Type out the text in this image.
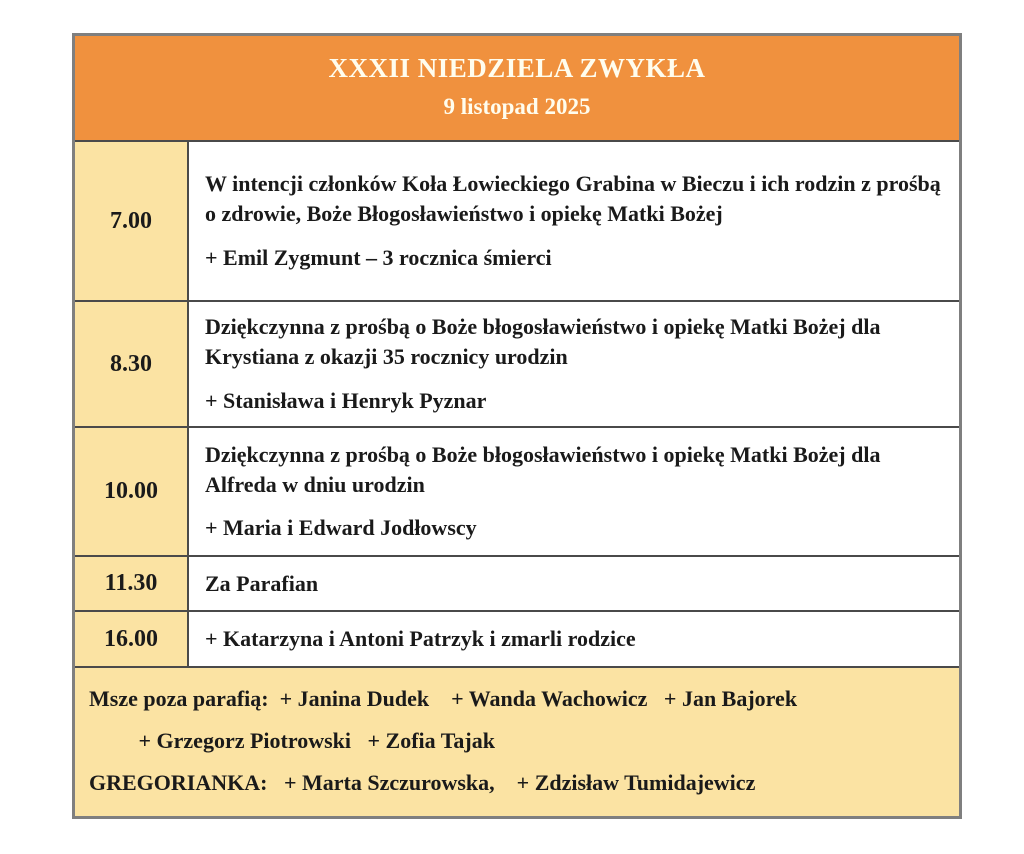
XXXII NIEDZIELA ZWYKŁA
9 listopad 2025
7.00

W intencji członków Koła Łowieckiego Grabina w Bieczu i ich rodzin z prośbą o zdrowie, Boże Błogosławieństwo i opiekę Matki Bożej

+ Emil Zygmunt – 3 rocznica śmierci

8.30

Dziękczynna z prośbą o Boże błogosławieństwo i opiekę Matki Bożej dla Krystiana z okazji 35 rocznicy urodzin

+ Stanisława i Henryk Pyznar

10.00

Dziękczynna z prośbą o Boże błogosławieństwo i opiekę Matki Bożej dla Alfreda w dniu urodzin

+ Maria i Edward Jodłowscy

11.30	Za Parafian

16.00	+ Katarzyna i Antoni Patrzyk i zmarli rodzice

Msze poza parafią:  + Janina Dudek    + Wanda Wachowicz   + Jan Bajorek
+ Grzegorz Piotrowski   + Zofia Tajak
GREGORIANKA:   + Marta Szczurowska,    + Zdzisław Tumidajewicz
